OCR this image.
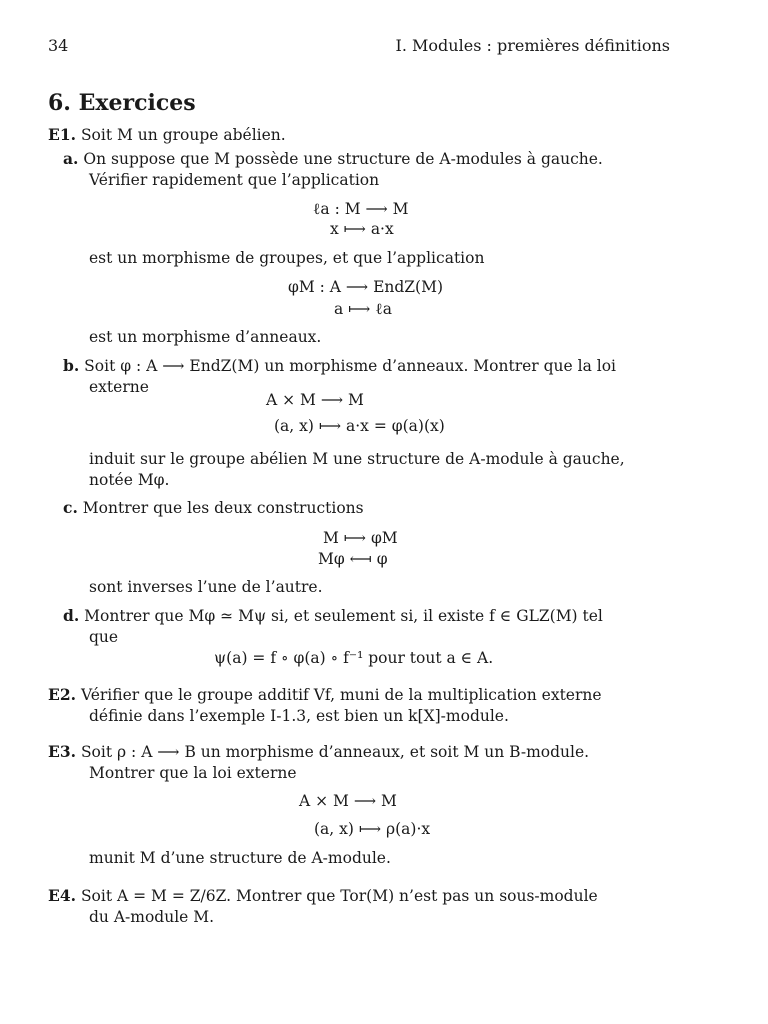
34	I. Modules : premières définitions
6. Exercices
E1. Soit M un groupe abélien.
a. On suppose que M possède une structure de A-modules à gauche.
Vérifier rapidement que l’application
ℓa : M ⟶ M
x ⟼ a·x
est un morphisme de groupes, et que l’application
φM : A ⟶ EndZ(M)
a ⟼ ℓa
est un morphisme d’anneaux.
b. Soit φ : A ⟶ EndZ(M) un morphisme d’anneaux. Montrer que la loi
externe
A × M ⟶ M
(a, x) ⟼ a·x = φ(a)(x)
induit sur le groupe abélien M une structure de A-module à gauche,
notée Mφ.
c. Montrer que les deux constructions
M ⟼ φM
Mφ ⟻ φ
sont inverses l’une de l’autre.
d. Montrer que Mφ ≃ Mψ si, et seulement si, il existe f ∈ GLZ(M) tel
que
ψ(a) = f ∘ φ(a) ∘ f⁻¹ pour tout a ∈ A.
E2. Vérifier que le groupe additif Vf, muni de la multiplication externe
définie dans l’exemple I-1.3, est bien un k[X]-module.
E3. Soit ρ : A ⟶ B un morphisme d’anneaux, et soit M un B-module.
Montrer que la loi externe
A × M ⟶ M
(a, x) ⟼ ρ(a)·x
munit M d’une structure de A-module.
E4. Soit A = M = Z/6Z. Montrer que Tor(M) n’est pas un sous-module
du A-module M.
